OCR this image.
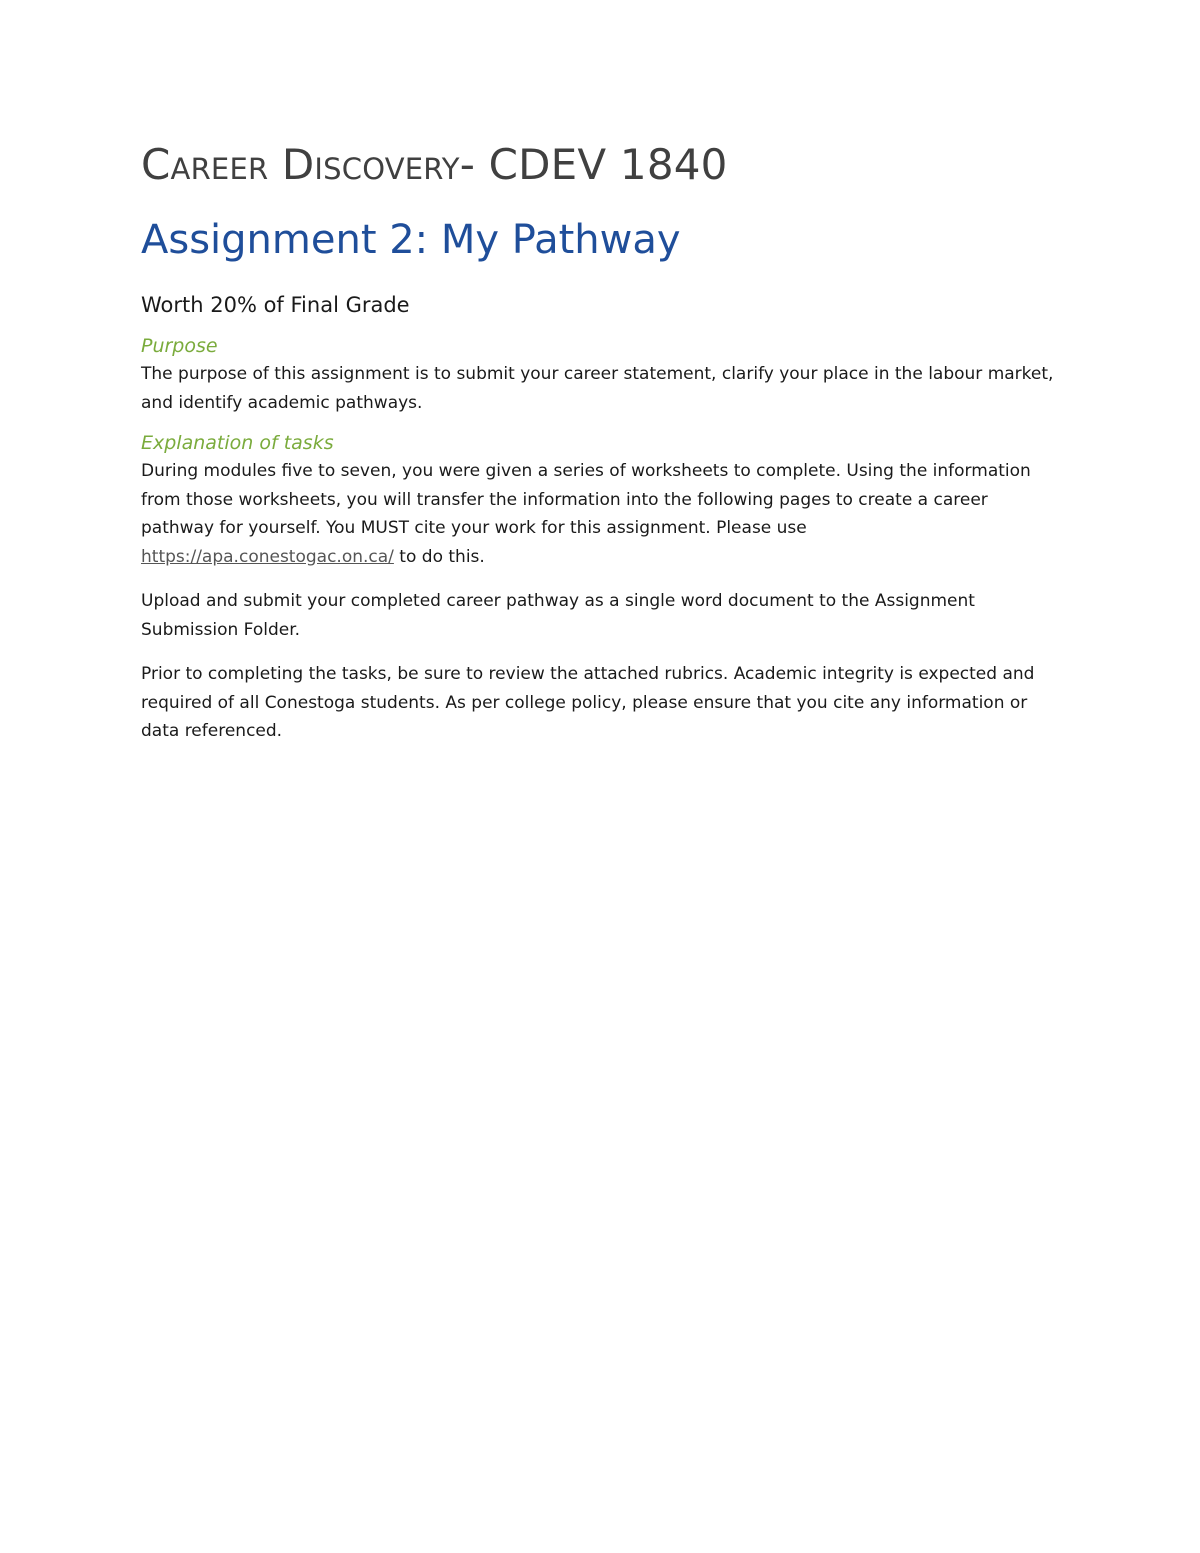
Career Discovery- CDEV 1840
Assignment 2: My Pathway
Worth 20% of Final Grade
Purpose

The purpose of this assignment is to submit your career statement, clarify your place in the labour market, and identify academic pathways.

Explanation of tasks

During modules five to seven, you were given a series of worksheets to complete. Using the information from those worksheets, you will transfer the information into the following pages to create a career pathway for yourself. You MUST cite your work for this assignment. Please use https://apa.conestogac.on.ca/ to do this.

Upload and submit your completed career pathway as a single word document to the Assignment Submission Folder.

Prior to completing the tasks, be sure to review the attached rubrics. Academic integrity is expected and required of all Conestoga students. As per college policy, please ensure that you cite any information or data referenced.
